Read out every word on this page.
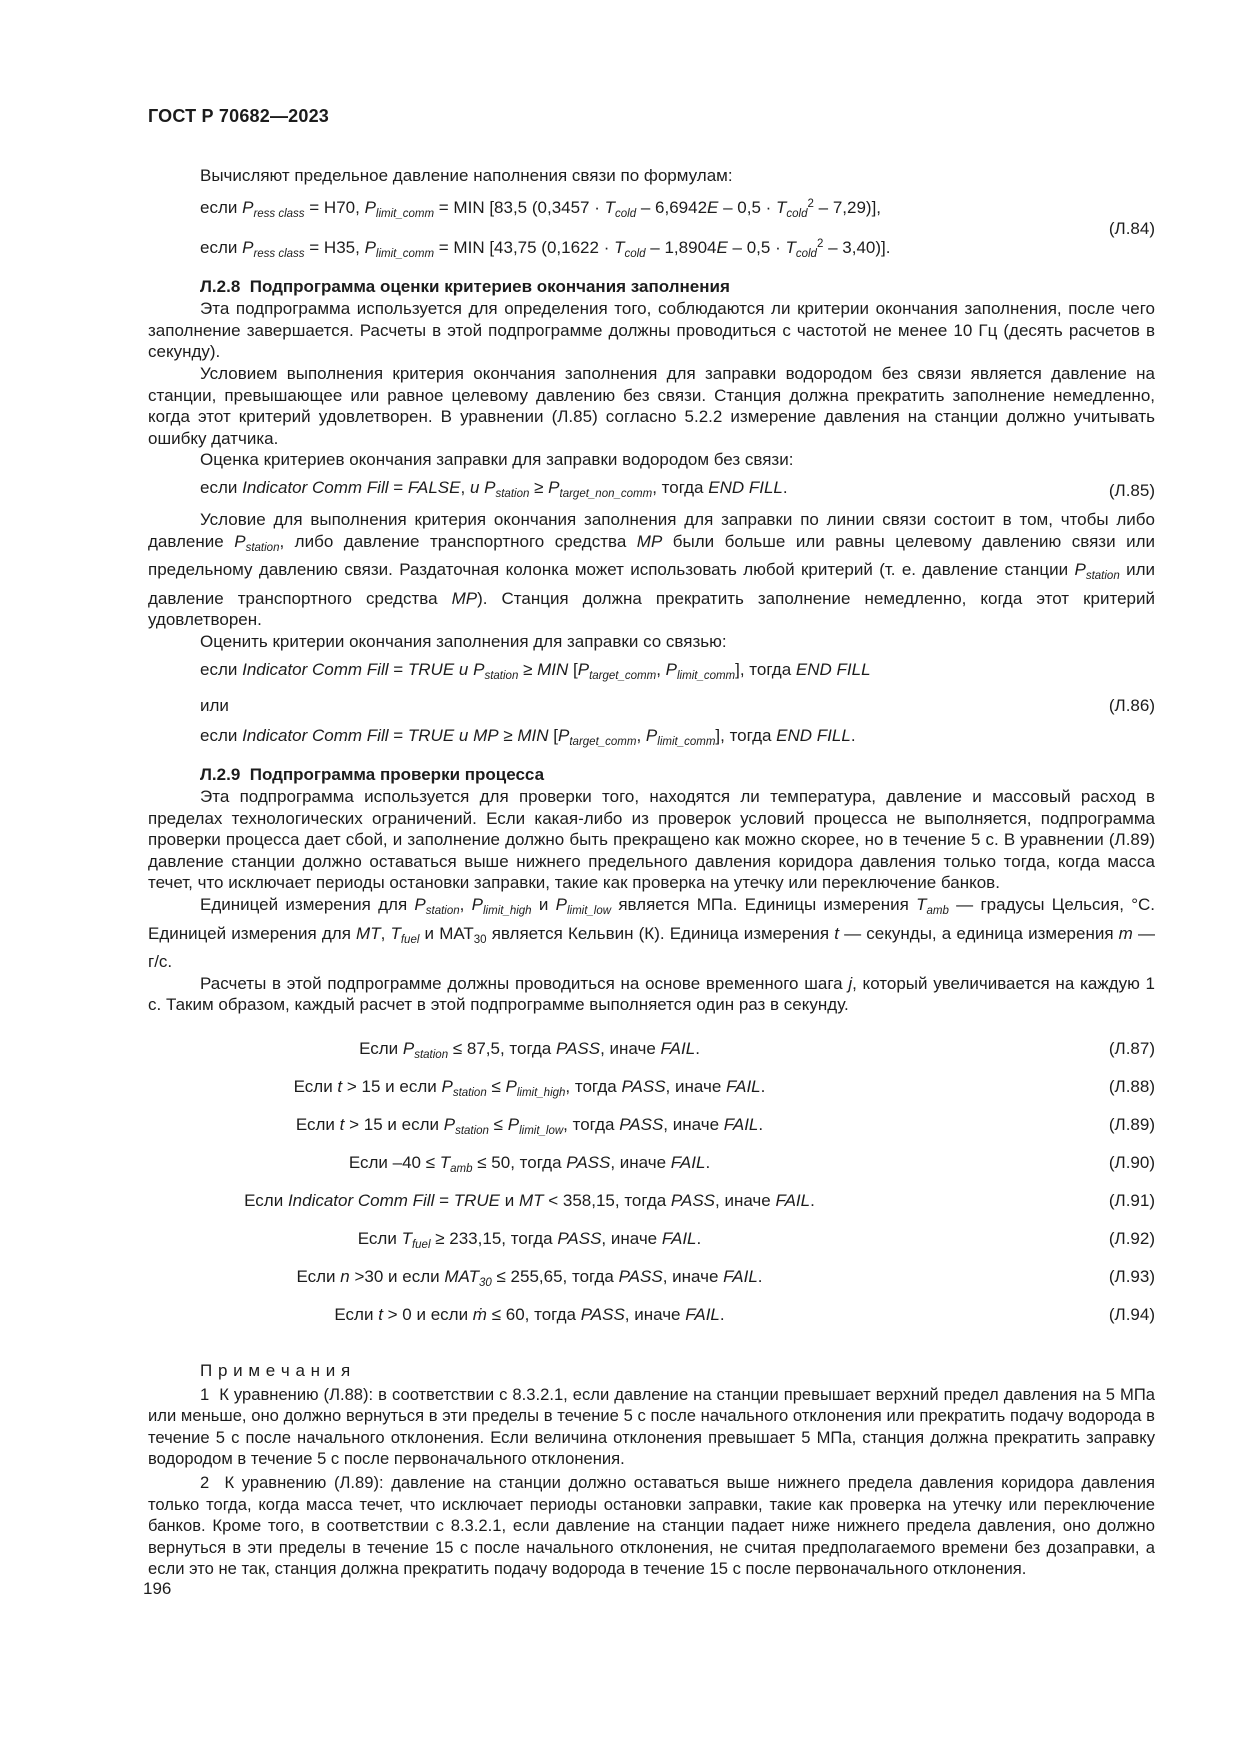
ГОСТ Р 70682—2023

Вычисляют предельное давление наполнения связи по формулам:

если $P_{ress class} = H70$, $P_{limit\_comm}$ = MIN [83,5 $(0,3457 \cdot T_{cold} - 6,6942E - 0,5 \cdot T_{cold}^2 - 7,29)$],
если $P_{ress class} = H35$, $P_{limit\_comm}$ = MIN [43,75 $(0,1622 \cdot T_{cold} - 1,8904E - 0,5 \cdot T_{cold}^2 - 3,40)$].
(Л.84)
Л.2.8  Подпрограмма оценки критериев окончания заполнения

Эта подпрограмма используется для определения того, соблюдаются ли критерии окончания заполнения, после чего заполнение завершается. Расчеты в этой подпрограмме должны проводиться с частотой не менее 10 Гц (десять расчетов в секунду).

Условием выполнения критерия окончания заполнения для заправки водородом без связи является давление на станции, превышающее или равное целевому давлению без связи. Станция должна прекратить заполнение немедленно, когда этот критерий удовлетворен. В уравнении (Л.85) согласно 5.2.2 измерение давления на станции должно учитывать ошибку датчика.

Оценка критериев окончания заправки для заправки водородом без связи:

если Indicator Comm Fill = FALSE, и $P_{station} \ge P_{target\_non\_comm}$, тогда END FILL.	(Л.85)

Условие для выполнения критерия окончания заполнения для заправки по линии связи состоит в том, чтобы либо давление $P_{station}$, либо давление транспортного средства МР были больше или равны целевому давлению связи или предельному давлению связи. Раздаточная колонка может использовать любой критерий (т. е. давление станции $P_{station}$ или давление транспортного средства МР). Станция должна прекратить заполнение немедленно, когда этот критерий удовлетворен.

Оценить критерии окончания заполнения для заправки со связью:

если Indicator Comm Fill = TRUE и $P_{station}$ ≥ MIN [$P_{target\_comm}$, $P_{limit\_comm}$], тогда END FILL
или
если Indicator Comm Fill = TRUE и МР ≥ MIN [$P_{target\_comm}$, $P_{limit\_comm}$], тогда END FILL.
(Л.86)
Л.2.9  Подпрограмма проверки процесса

Эта подпрограмма используется для проверки того, находятся ли температура, давление и массовый расход в пределах технологических ограничений. Если какая-либо из проверок условий процесса не выполняется, подпрограмма проверки процесса дает сбой, и заполнение должно быть прекращено как можно скорее, но в течение 5 с. В уравнении (Л.89) давление станции должно оставаться выше нижнего предельного давления коридора давления только тогда, когда масса течет, что исключает периоды остановки заправки, такие как проверка на утечку или переключение банков.

Единицей измерения для $P_{station}$, $P_{limit\_high}$ и $P_{limit\_low}$ является МПа. Единицы измерения $T_{amb}$ — градусы Цельсия, °С. Единицей измерения для MT, $T_{fuel}$ и $МАТ_{30}$ является Кельвин (К). Единица измерения t — секунды, а единица измерения m — г/с.

Расчеты в этой подпрограмме должны проводиться на основе временного шага j, который увеличивается на каждую 1 с. Таким образом, каждый расчет в этой подпрограмме выполняется один раз в секунду.

Если $P_{station} \le 87,5$, тогда PASS, иначе FAIL.	(Л.87)
Если t > 15 и если $P_{station} \le P_{limit\_high}$, тогда PASS, иначе FAIL.	(Л.88)
Если t > 15 и если $P_{station} \le P_{limit\_low}$, тогда PASS, иначе FAIL.	(Л.89)
Если $-40 \le T_{amb} \le 50$, тогда PASS, иначе FAIL.	(Л.90)
Если Indicator Comm Fill = TRUE и MT < 358,15, тогда PASS, иначе FAIL.	(Л.91)
Если $T_{fuel} \ge 233,15$, тогда PASS, иначе FAIL.	(Л.92)
Если n >30 и если $MAT_{30} \le 255,65$, тогда PASS, иначе FAIL.	(Л.93)
Если t > 0 и если ṁ ≤ 60, тогда PASS, иначе FAIL.	(Л.94)

П р и м е ч а н и я

1  К уравнению (Л.88): в соответствии с 8.3.2.1, если давление на станции превышает верхний предел давления на 5 МПа или меньше, оно должно вернуться в эти пределы в течение 5 с после начального отклонения или прекратить подачу водорода в течение 5 с после начального отклонения. Если величина отклонения превышает 5 МПа, станция должна прекратить заправку водородом в течение 5 с после первоначального отклонения.

2  К уравнению (Л.89): давление на станции должно оставаться выше нижнего предела давления коридора давления только тогда, когда масса течет, что исключает периоды остановки заправки, такие как проверка на утечку или переключение банков. Кроме того, в соответствии с 8.3.2.1, если давление на станции падает ниже нижнего предела давления, оно должно вернуться в эти пределы в течение 15 с после начального отклонения, не считая предполагаемого времени без дозаправки, а если это не так, станция должна прекратить подачу водорода в течение 15 с после первоначального отклонения.

196
